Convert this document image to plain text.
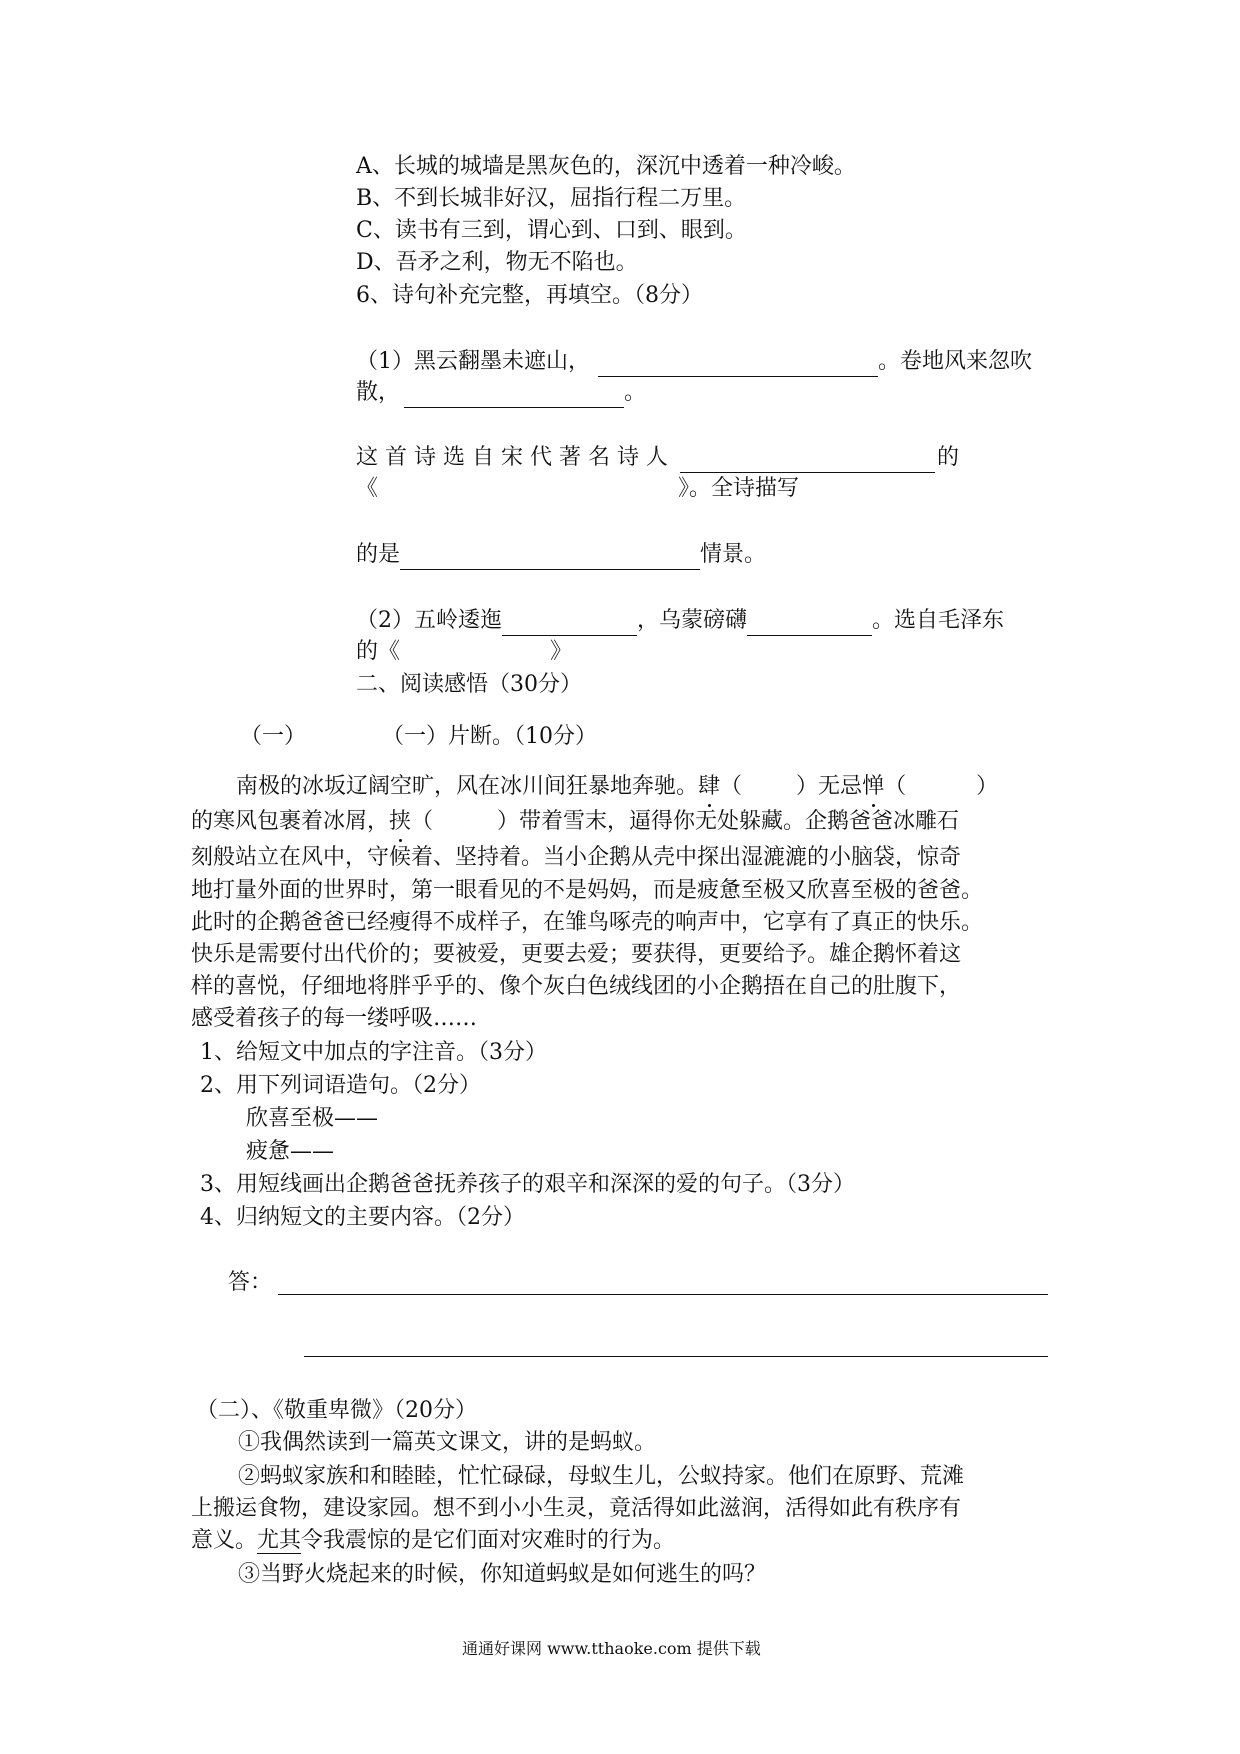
A、长城的城墙是黑灰色的，深沉中透着一种冷峻。
B、不到长城非好汉，屈指行程二万里。
C、读书有三到，谓心到、口到、眼到。
D、吾矛之利，物无不陷也。
6、诗句补充完整，再填空。（8分）
（1）黑云翻墨未遮山，	。卷地风来忽吹
散，	。
这 首 诗 选 自 宋 代 著 名 诗 人	的
《	》。全诗描写
的是	情景。
（2）五岭逶迤	，乌蒙磅礴	。选自毛泽东
的《	》
二、阅读感悟（30分）
（一）	（一）片断。（10分）
南极的冰坂辽阔空旷，风在冰川间狂暴地奔驰。肆（ ）无忌惮（	）
的寒风包裹着冰屑，挟（	）带着雪末，逼得你无处躲藏。企鹅爸爸冰雕石
刻般站立在风中，守候着、坚持着。当小企鹅从壳中探出湿漉漉的小脑袋，惊奇
地打量外面的世界时，第一眼看见的不是妈妈，而是疲惫至极又欣喜至极的爸爸。
此时的企鹅爸爸已经瘦得不成样子，在雏鸟啄壳的响声中，它享有了真正的快乐。
快乐是需要付出代价的；要被爱，更要去爱；要获得，更要给予。雄企鹅怀着这
样的喜悦，仔细地将胖乎乎的、像个灰白色绒线团的小企鹅捂在自己的肚腹下，
感受着孩子的每一缕呼吸……
1、给短文中加点的字注音。（3分）
2、用下列词语造句。（2分）
欣喜至极——
疲惫——
3、用短线画出企鹅爸爸抚养孩子的艰辛和深深的爱的句子。（3分）
4、归纳短文的主要内容。（2分）
答：
（二）、《敬重卑微》（20分）
①我偶然读到一篇英文课文，讲的是蚂蚁。
②蚂蚁家族和和睦睦，忙忙碌碌，母蚁生儿，公蚁持家。他们在原野、荒滩
上搬运食物，建设家园。想不到小小生灵，竟活得如此滋润，活得如此有秩序有
意义。尤其令我震惊的是它们面对灾难时的行为。
③当野火烧起来的时候，你知道蚂蚁是如何逃生的吗？
通通好课网 www.tthaoke.com 提供下载
